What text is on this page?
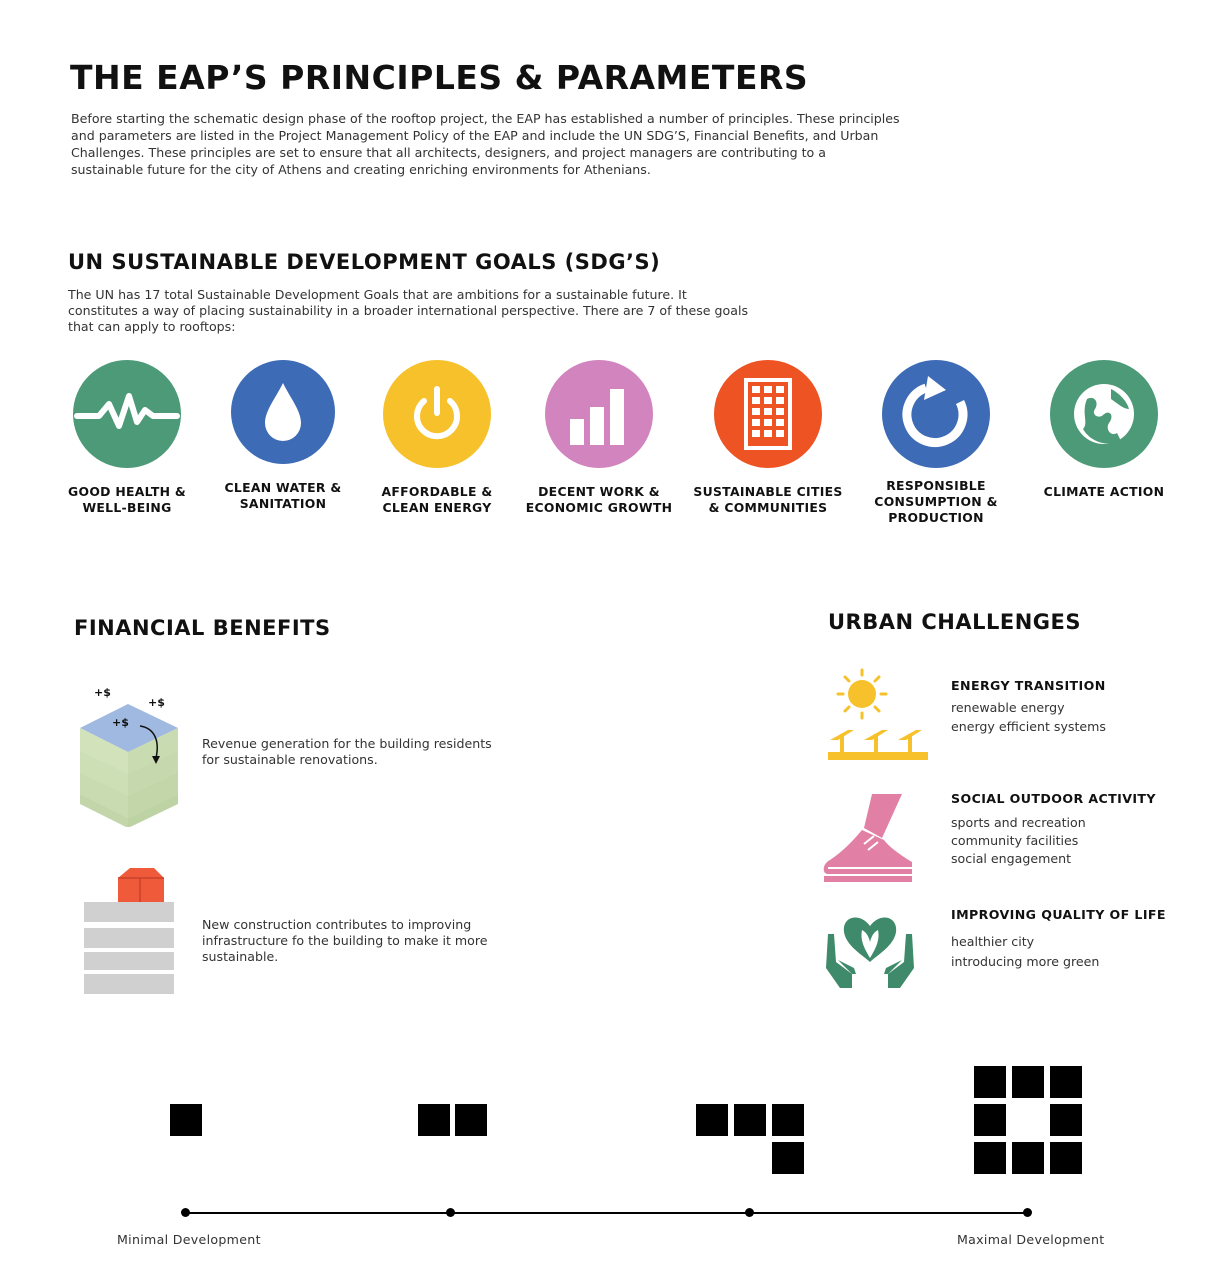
THE EAP’S PRINCIPLES & PARAMETERS

Before starting the schematic design phase of the rooftop project, the EAP has established a number of principles. These principles and parameters are listed in the Project Management Policy of the EAP and include the UN SDG’S, Financial Benefits, and Urban Challenges. These principles are set to ensure that all architects, designers, and project managers are contributing to a sustainable future for the city of Athens and creating enriching environments for Athenians.

UN SUSTAINABLE DEVELOPMENT GOALS (SDG’S)

The UN has 17 total Sustainable Development Goals that are ambitions for a sustainable future. It constitutes a way of placing sustainability in a broader international perspective. There are 7 of these goals that can apply to rooftops:

GOOD HEALTH &
WELL-BEING
CLEAN WATER &
SANITATION
AFFORDABLE &
CLEAN ENERGY
DECENT WORK &
ECONOMIC GROWTH
SUSTAINABLE CITIES
& COMMUNITIES
RESPONSIBLE
CONSUMPTION &
PRODUCTION
CLIMATE ACTION
FINANCIAL BENEFITS
+$
+$
+$

Revenue generation for the building residents for sustainable renovations.

New construction contributes to improving infrastructure fo the building to make it more sustainable.

URBAN CHALLENGES
ENERGY TRANSITION
renewable energy
energy efficient systems
SOCIAL OUTDOOR ACTIVITY
sports and recreation
community facilities
social engagement
IMPROVING QUALITY OF LIFE
healthier city
introducing more green
Minimal Development	Maximal Development
